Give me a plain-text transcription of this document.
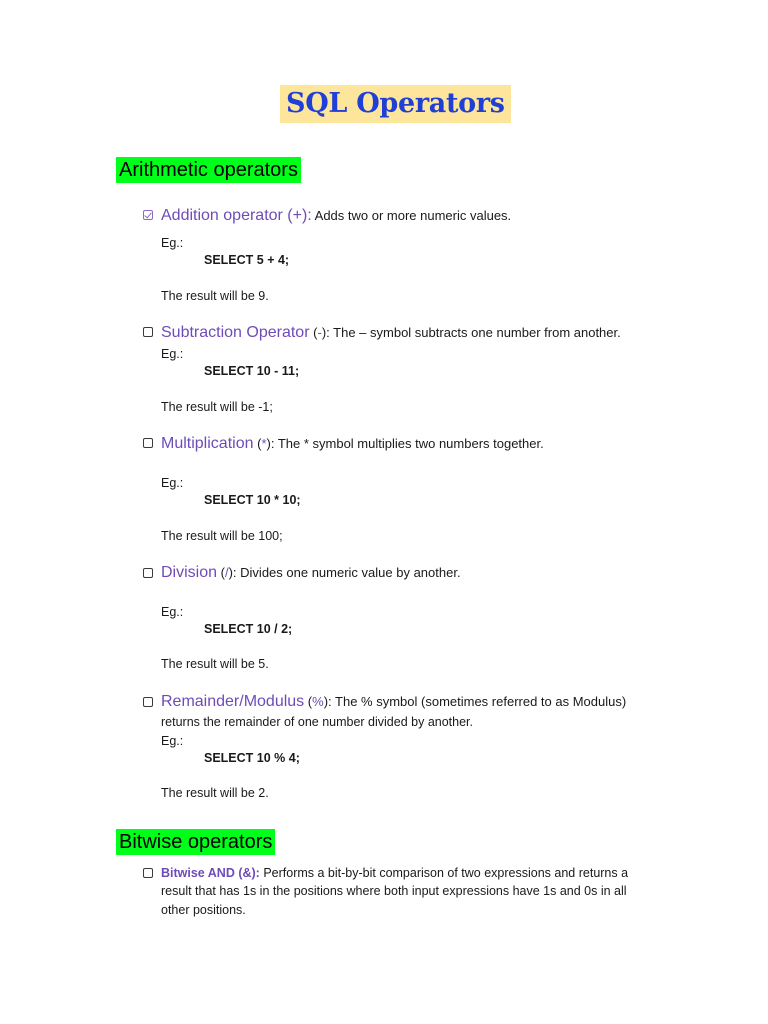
SQL Operators
Arithmetic operators
Addition operator (+): Adds two or more numeric values.
Eg.:
SELECT 5 + 4;
The result will be 9.
Subtraction Operator (-): The – symbol subtracts one number from another.
Eg.:
SELECT 10 - 11;
The result will be -1;
Multiplication (*): The * symbol multiplies two numbers together.
Eg.:
SELECT 10 * 10;
The result will be 100;
Division (/): Divides one numeric value by another.
Eg.:
SELECT 10 / 2;
The result will be 5.
Remainder/Modulus (%): The % symbol (sometimes referred to as Modulus)
returns the remainder of one number divided by another.
Eg.:
SELECT 10 % 4;
The result will be 2.
Bitwise operators
Bitwise AND (&): Performs a bit-by-bit comparison of two expressions and returns a
result that has 1s in the positions where both input expressions have 1s and 0s in all
other positions.
